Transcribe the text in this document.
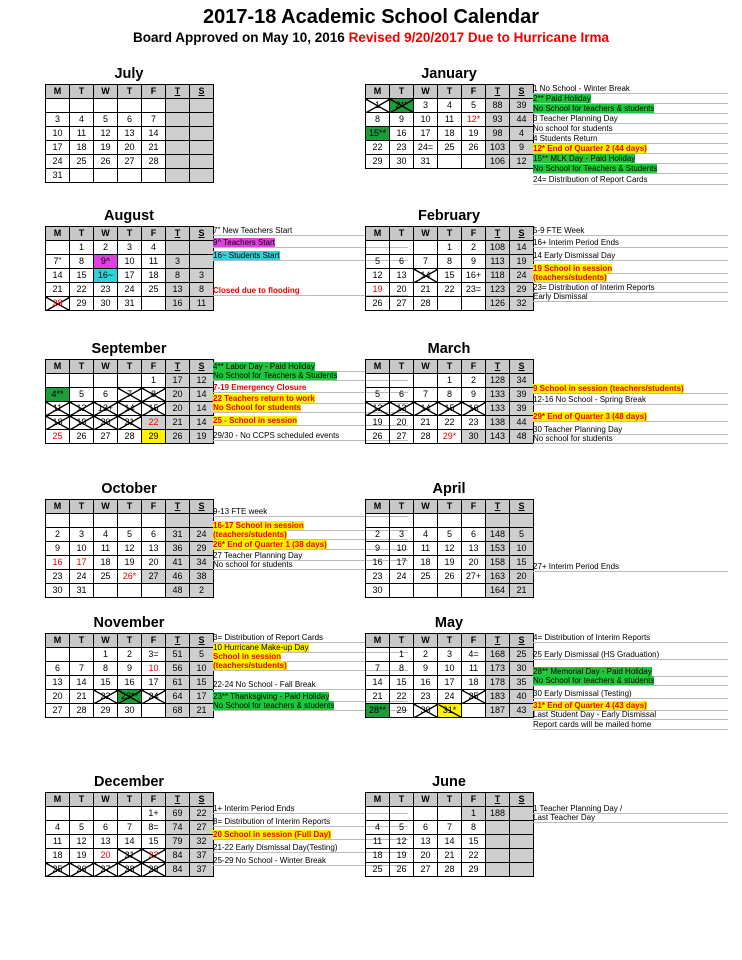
2017-18 Academic School Calendar
Board Approved on May 10, 2016 Revised 9/20/2017 Due to Hurricane Irma
July
M	T	W	T	F	T	S

3	4	5	6	7		
10	11	12	13	14		
17	18	19	20	21		
24	25	26	27	28		
31						
January
M	T	W	T	F	T	S
1	2**	3	4	5	88	39
8	9	10	11	12*	93	44
15**	16	17	18	19	98	4
22	23	24=	25	26	103	9
29	30	31			106	12
1 No School - Winter Break
2** Paid Holiday
No School for teachers & students
3 Teacher Planning Day
No school for students
4 Students Return
12* End of Quarter 2 (44 days)
15** MLK Day - Paid Holiday
No School for Teachers & Students
24= Distribution of Report Cards
August
M	T	W	T	F	T	S
	1	2	3	4		
7"	8	9^	10	11	3	
14	15	16~	17	18	8	3
21	22	23	24	25	13	8
28	29	30	31		16	11
7" New Teachers Start
9^ Teachers Start
16~ Students Start
Closed due to flooding
February
M	T	W	T	F	T	S
			1	2	108	14
5	6	7	8	9	113	19
12	13	14	15	16+	118	24
19	20	21	22	23=	123	29
26	27	28			126	32
5-9 FTE Week
16+ Interim Period Ends
14 Early Dismissal Day
19 School in session
(teachers/students)
23= Distribution of Interim Reports
Early Dismissal
September
M	T	W	T	F	T	S
				1	17	12
4**	5	6	7	8	20	14
11	12	13+	14	15	20	14
18	19	20	21	22	21	14
25	26	27	28	29	26	19
4** Labor Day - Paid Holiday
No School for Teachers & Students
7-19 Emergency Closure
22 Teachers return to work
No School for students
25 - School in session
29/30 - No CCPS scheduled events
March
M	T	W	T	F	T	S
			1	2	128	34
5	6	7	8	9	133	39
12	13	14	15	16	133	39
19	20	21	22	23	138	44
26	27	28	29*	30	143	48
9 School in session (teachers/students)
12-16 No School - Spring Break
29* End of Quarter 3 (48 days)
30 Teacher Planning Day
No school for students
October
M	T	W	T	F	T	S

2	3	4	5	6	31	24
9	10	11	12	13	36	29
16	17	18	19	20	41	34
23	24	25	26*	27	46	38
30	31				48	2
9-13 FTE week
16-17 School in session
(teachers/students)
26* End of Quarter 1 (38 days)
27 Teacher Planning Day
No school for students
April
M	T	W	T	F	T	S

2	3	4	5	6	148	5
9	10	11	12	13	153	10
16	17	18	19	20	158	15
23	24	25	26	27+	163	20
30					164	21
27+ Interim Period Ends
November
M	T	W	T	F	T	S
		1	2	3=	51	5
6	7	8	9	10	56	10
13	14	15	16	17	61	15
20	21	22	23**	24	64	17
27	28	29	30		68	21
3= Distribution of Report Cards
10 Hurricane Make-up Day
School in session
(teachers/students)
22-24 No School - Fall Break
23** Thanksgiving - Paid Holiday
No School for teachers & students
May
M	T	W	T	F	T	S
	1	2	3	4=	168	25
7	8	9	10	11	173	30
14	15	16	17	18	178	35
21	22	23	24	25	183	40
28**	29	30	31*		187	43
4= Distribution of Interim Reports
25 Early Dismissal (HS Graduation)
28** Memorial Day - Paid Holiday
No School for teachers & students
30 Early Dismissal (Testing)
31* End of Quarter 4 (43 days)
Last Student Day - Early Dismissal
Report cards will be mailed home
December
M	T	W	T	F	T	S
				1+	69	22
4	5	6	7	8=	74	27
11	12	13	14	15	79	32
18	19	20	21	22	84	37
25	26	27	28	29	84	37
1+ Interim Period Ends
8= Distribution of Interim Reports
20 School in session (Full Day)
21-22 Early Dismissal Day(Testing)
25-29 No School - Winter Break
June
M	T	W	T	F	T	S
				1	188	
4	5	6	7	8		
11	12	13	14	15		
18	19	20	21	22		
25	26	27	28	29		
1 Teacher Planning Day /
Last Teacher Day
